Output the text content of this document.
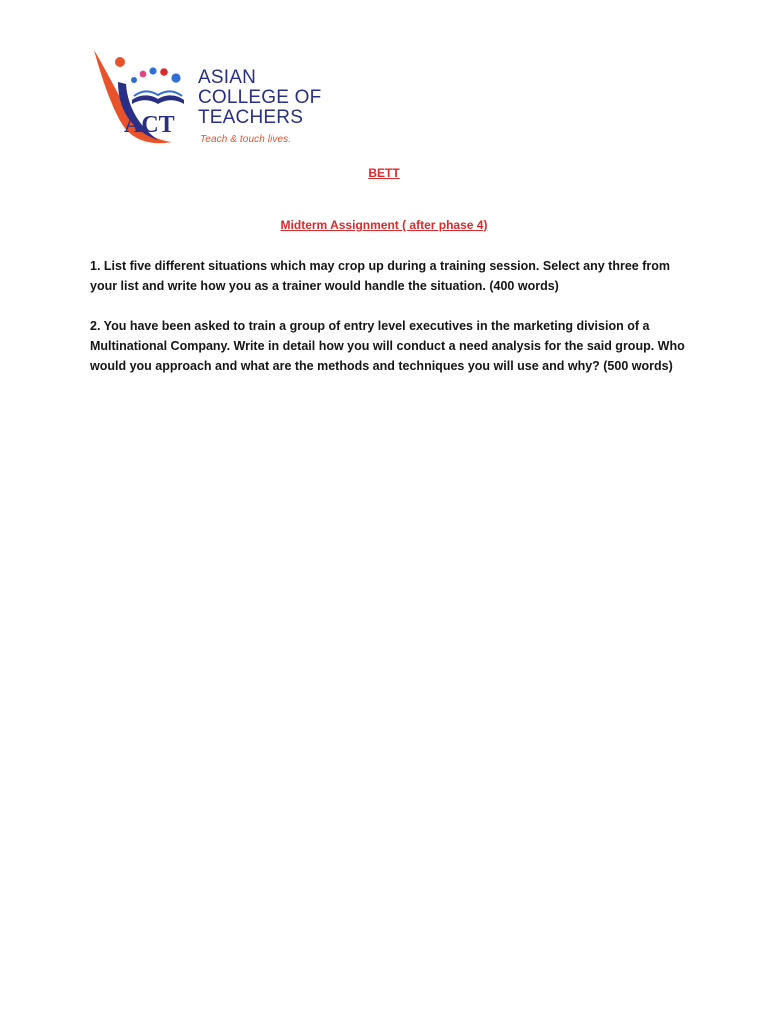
ACT
ASIAN
COLLEGE OF
TEACHERS
Teach & touch lives.
BETT
Midterm Assignment ( after phase 4)
1. List five different situations which may crop up during a training session. Select any three from your list and write how you as a trainer would handle the situation. (400 words)
2. You have been asked to train a group of entry level executives in the marketing division of a Multinational Company. Write in detail how you will conduct a need analysis for the said group. Who would you approach and what are the methods and techniques you will use and why? (500 words)
